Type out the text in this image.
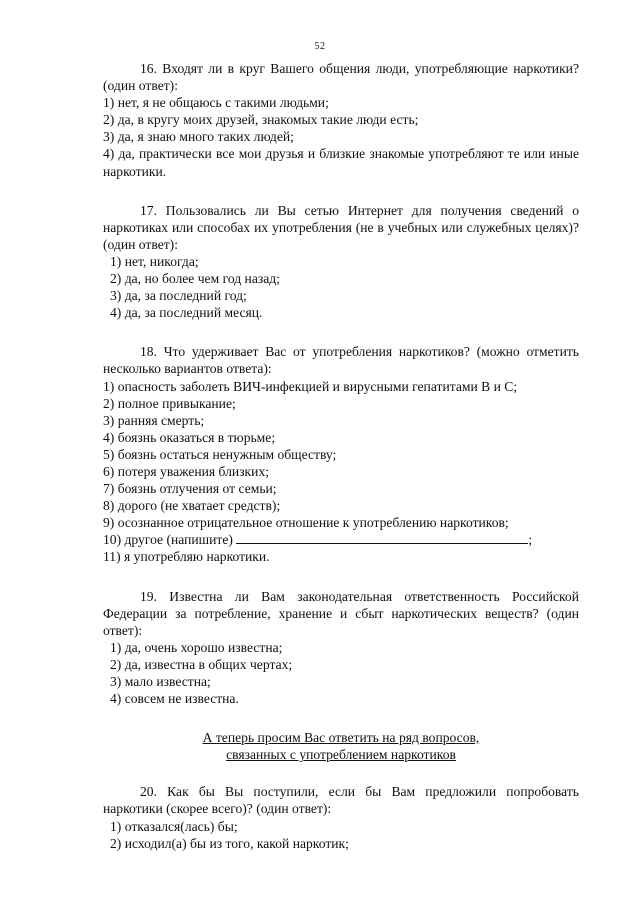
52

16. Входят ли в круг Вашего общения люди, употребляющие наркотики? (один ответ):

1) нет, я не общаюсь с такими людьми;

2) да, в кругу моих друзей, знакомых такие люди есть;

3) да, я знаю много таких людей;

4) да, практически все мои друзья и близкие знакомые употребляют те или иные наркотики.

17. Пользовались ли Вы сетью Интернет для получения сведений о наркотиках или способах их употребления (не в учебных или служебных целях)? (один ответ):

1) нет, никогда;

2) да, но более чем год назад;

3) да, за последний год;

4) да, за последний месяц.

18. Что удерживает Вас от употребления наркотиков? (можно отметить несколько вариантов ответа):

1) опасность заболеть ВИЧ-инфекцией и вирусными гепатитами В и С;

2) полное привыкание;

3) ранняя смерть;

4) боязнь оказаться в тюрьме;

5) боязнь остаться ненужным обществу;

6) потеря уважения близких;

7) боязнь отлучения от семьи;

8) дорого (не хватает средств);

9) осознанное отрицательное отношение к употреблению наркотиков;

10) другое (напишите)	;

11) я употребляю наркотики.

19. Известна ли Вам законодательная ответственность Российской Федерации за потребление, хранение и сбыт наркотических веществ? (один ответ):

1) да, очень хорошо известна;

2) да, известна в общих чертах;

3) мало известна;

4) совсем не известна.

А теперь просим Вас ответить на ряд вопросов,
связанных с употреблением наркотиков

20. Как бы Вы поступили, если бы Вам предложили попробовать наркотики (скорее всего)? (один ответ):

1) отказался(лась) бы;

2) исходил(а) бы из того, какой наркотик;
